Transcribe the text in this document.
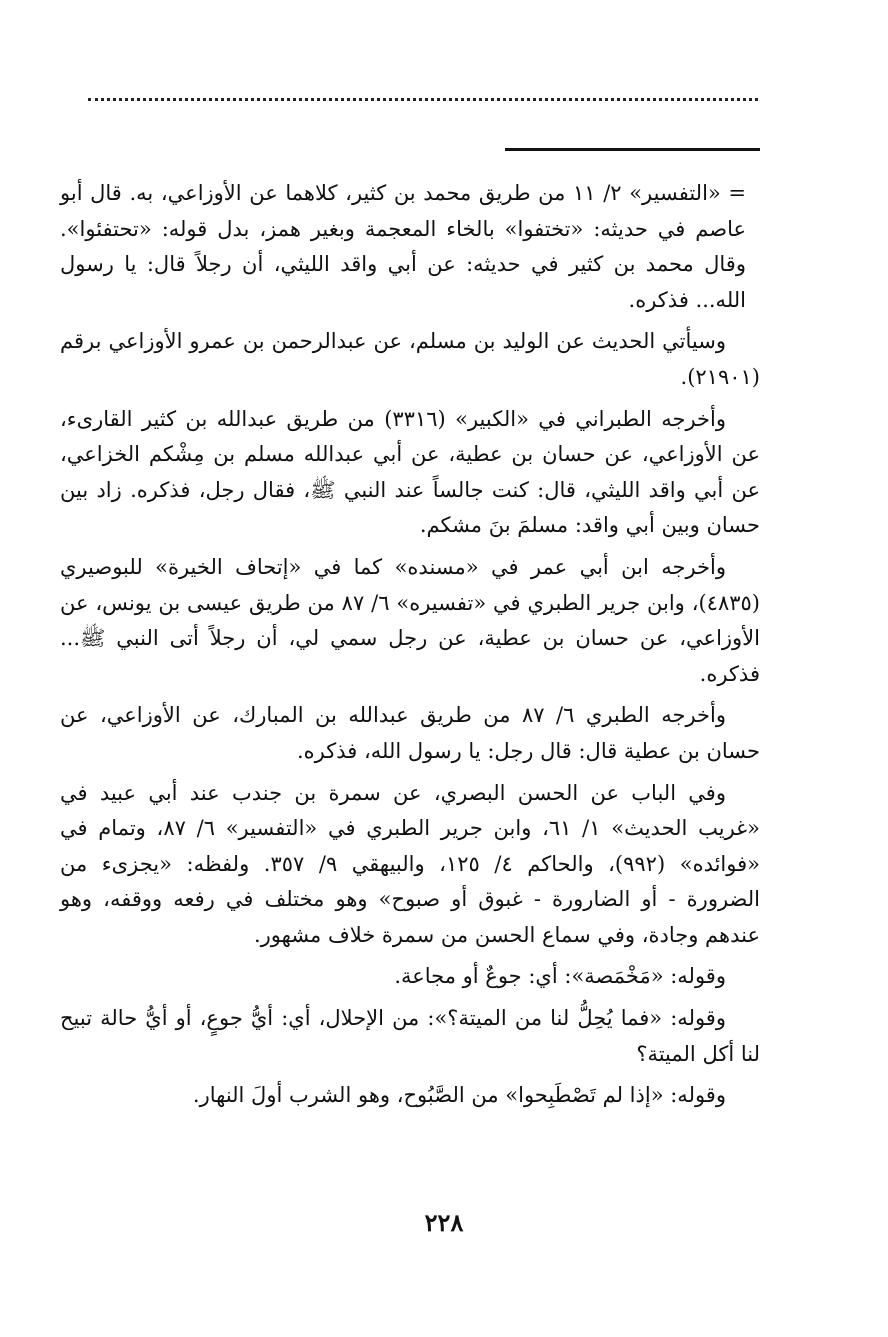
= «التفسير» ٢/ ١١ من طريق محمد بن كثير، كلاهما عن الأوزاعي، به. قال أبو عاصم في حديثه: «تختفوا» بالخاء المعجمة وبغير همز، بدل قوله: «تحتفئوا». وقال محمد بن كثير في حديثه: عن أبي واقد الليثي، أن رجلاً قال: يا رسول الله... فذكره.

وسيأتي الحديث عن الوليد بن مسلم، عن عبدالرحمن بن عمرو الأوزاعي برقم (٢١٩٠١).

وأخرجه الطبراني في «الكبير» (٣٣١٦) من طريق عبدالله بن كثير القارىء، عن الأوزاعي، عن حسان بن عطية، عن أبي عبدالله مسلم بن مِشْكم الخزاعي، عن أبي واقد الليثي، قال: كنت جالساً عند النبي ﷺ، فقال رجل، فذكره. زاد بين حسان وبين أبي واقد: مسلمَ بنَ مشكم.

وأخرجه ابن أبي عمر في «مسنده» كما في «إتحاف الخيرة» للبوصيري (٤٨٣٥)، وابن جرير الطبري في «تفسيره» ٦/ ٨٧ من طريق عيسى بن يونس، عن الأوزاعي، عن حسان بن عطية، عن رجل سمي لي، أن رجلاً أتى النبي ﷺ... فذكره.

وأخرجه الطبري ٦/ ٨٧ من طريق عبدالله بن المبارك، عن الأوزاعي، عن حسان بن عطية قال: قال رجل: يا رسول الله، فذكره.

وفي الباب عن الحسن البصري، عن سمرة بن جندب عند أبي عبيد في «غريب الحديث» ١/ ٦١، وابن جرير الطبري في «التفسير» ٦/ ٨٧، وتمام في «فوائده» (٩٩٢)، والحاكم ٤/ ١٢٥، والبيهقي ٩/ ٣٥٧. ولفظه: «يجزىء من الضرورة - أو الضارورة - غبوق أو صبوح» وهو مختلف في رفعه ووقفه، وهو عندهم وجادة، وفي سماع الحسن من سمرة خلاف مشهور.

وقوله: «مَخْمَصة»: أي: جوعٌ أو مجاعة.

وقوله: «فما يُحِلُّ لنا من الميتة؟»: من الإحلال، أي: أيُّ جوعٍ، أو أيُّ حالة تبيح لنا أكل الميتة؟

وقوله: «إذا لم تَصْطَبِحوا» من الصَّبُوح، وهو الشرب أولَ النهار.

٢٢٨
